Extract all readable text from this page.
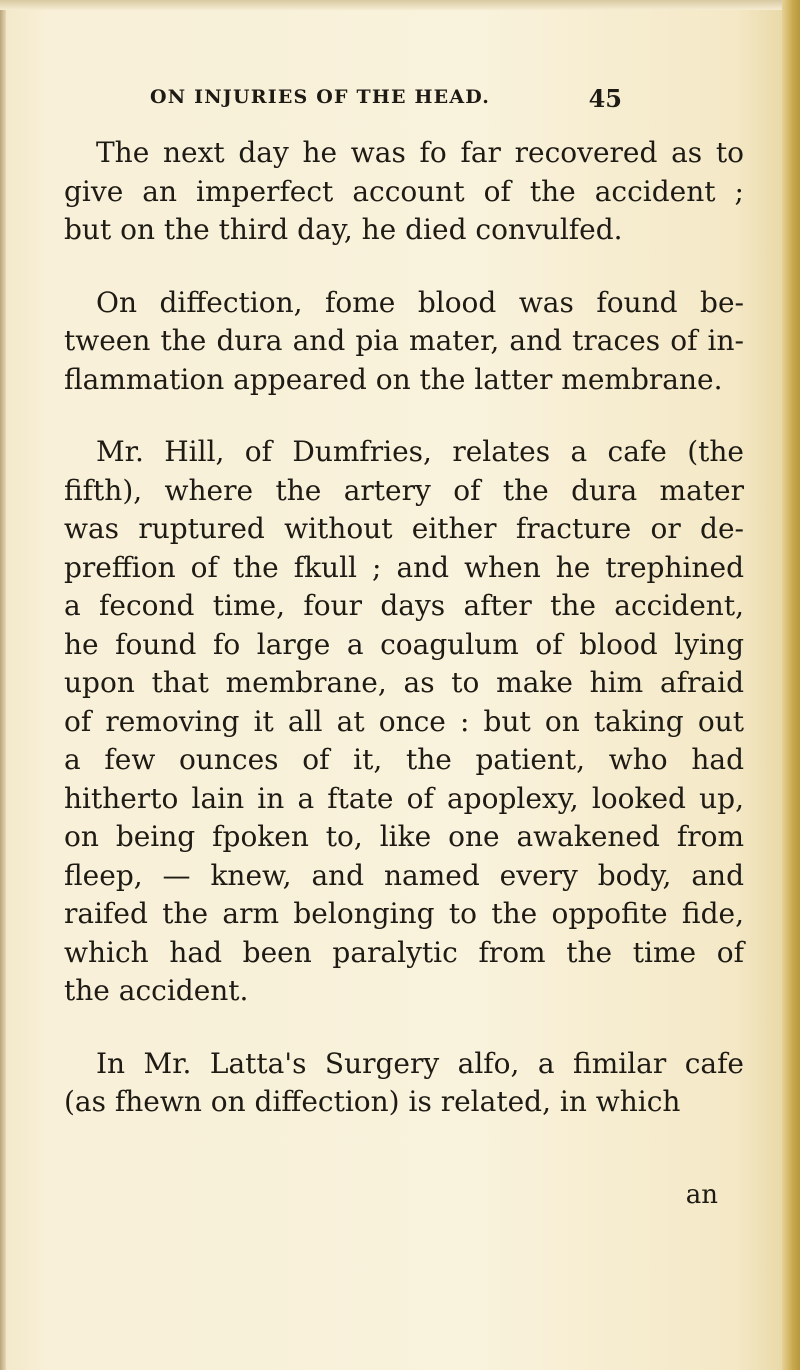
ON INJURIES OF THE HEAD.	45
The next day he was fo far recovered as to
give an imperfect account of the accident ;
but on the third day, he died convulfed.
On diffection, fome blood was found be-
tween the dura and pia mater, and traces of in-
flammation appeared on the latter membrane.
Mr. Hill, of Dumfries, relates a cafe (the
fifth), where the artery of the dura mater
was ruptured without either fracture or de-
preffion of the fkull ; and when he trephined
a fecond time, four days after the accident,
he found fo large a coagulum of blood lying
upon that membrane, as to make him afraid
of removing it all at once : but on taking out
a few ounces of it, the patient, who had
hitherto lain in a ftate of apoplexy, looked up,
on being fpoken to, like one awakened from
fleep, — knew, and named every body, and
raifed the arm belonging to the oppofite fide,
which had been paralytic from the time of
the accident.
In Mr. Latta's Surgery alfo, a fimilar cafe
(as fhewn on diffection) is related, in which
an
